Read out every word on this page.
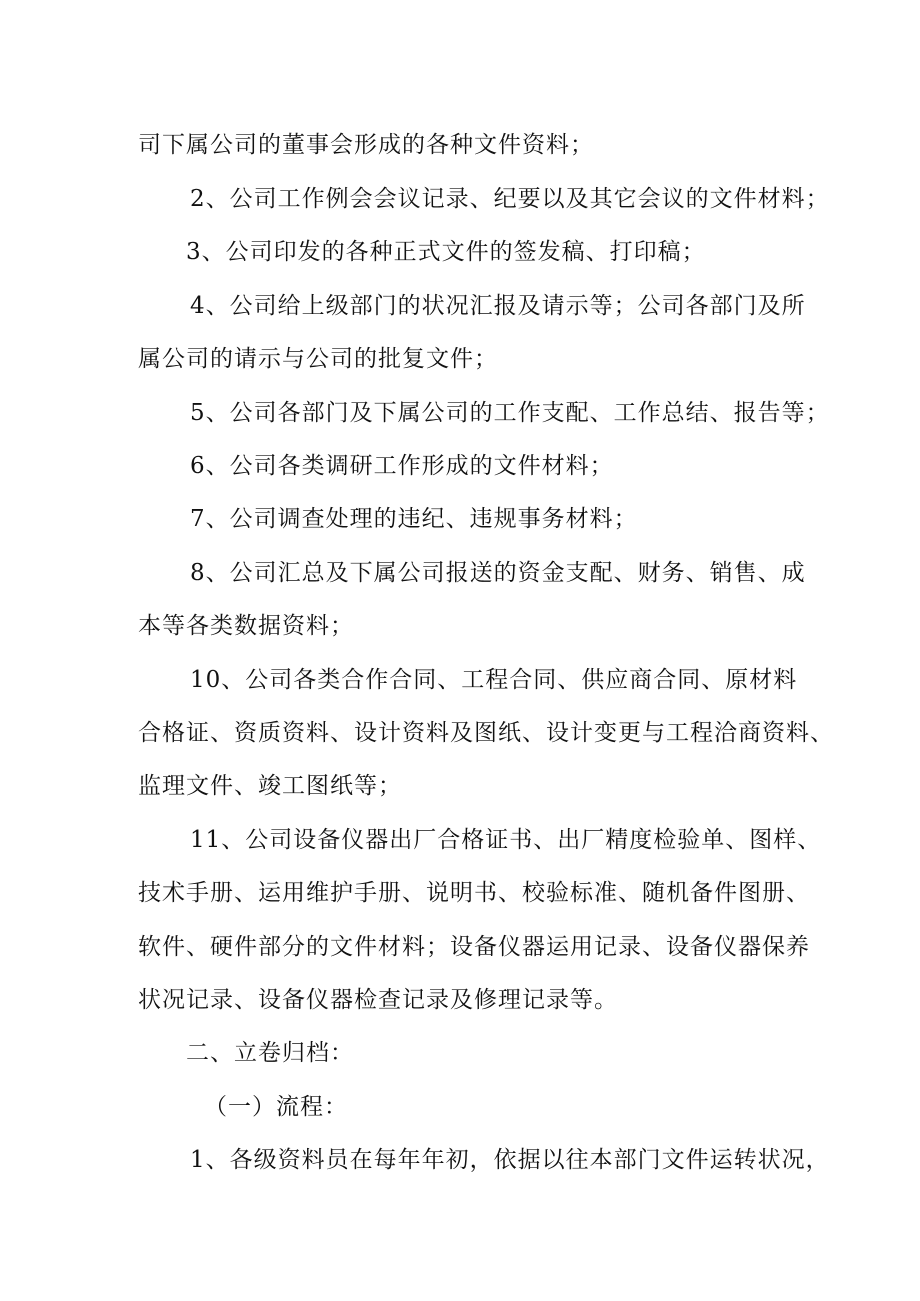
司下属公司的董事会形成的各种文件资料；
2、公司工作例会会议记录、纪要以及其它会议的文件材料；
3、公司印发的各种正式文件的签发稿、打印稿；
4、公司给上级部门的状况汇报及请示等；公司各部门及所
属公司的请示与公司的批复文件；
5、公司各部门及下属公司的工作支配、工作总结、报告等；
6、公司各类调研工作形成的文件材料；
7、公司调查处理的违纪、违规事务材料；
8、公司汇总及下属公司报送的资金支配、财务、销售、成
本等各类数据资料；
10、公司各类合作合同、工程合同、供应商合同、原材料
合格证、资质资料、设计资料及图纸、设计变更与工程洽商资料、
监理文件、竣工图纸等；
11、公司设备仪器出厂合格证书、出厂精度检验单、图样、
技术手册、运用维护手册、说明书、校验标准、随机备件图册、
软件、硬件部分的文件材料；设备仪器运用记录、设备仪器保养
状况记录、设备仪器检查记录及修理记录等。
二、立卷归档：
（一）流程：
1、各级资料员在每年年初，依据以往本部门文件运转状况，
